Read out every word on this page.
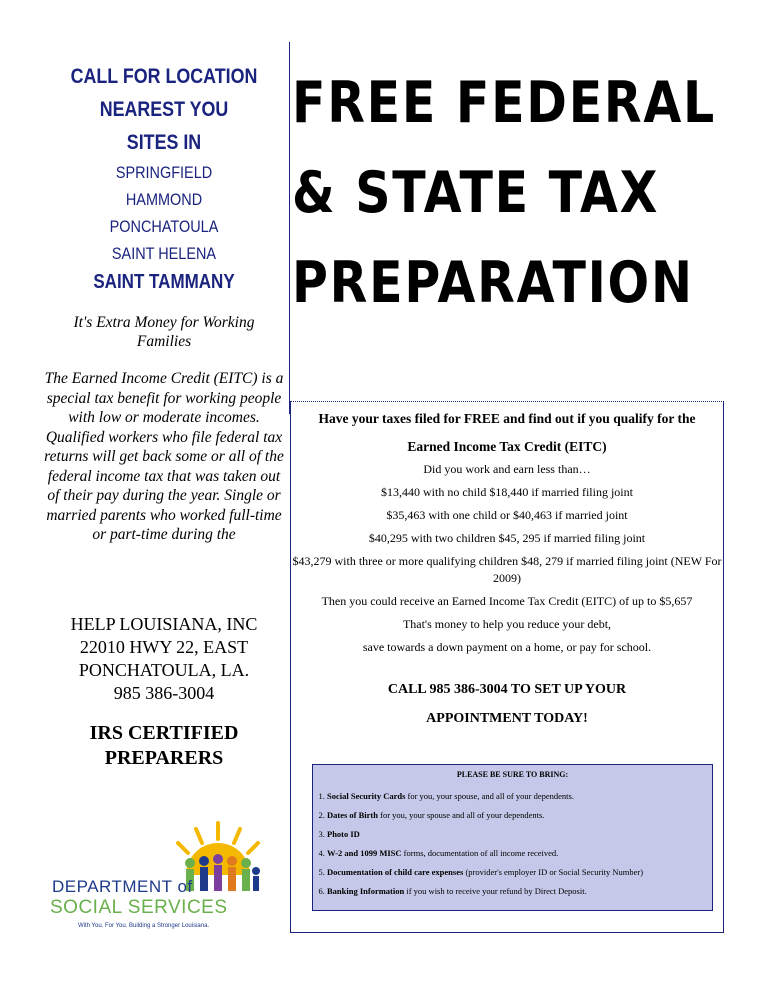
CALL FOR LOCATION
NEAREST YOU
SITES IN
SPRINGFIELD
HAMMOND
PONCHATOULA
SAINT HELENA
SAINT TAMMANY
It's Extra Money for Working Families
The Earned Income Credit (EITC) is a special tax benefit for working people with low or moderate incomes. Qualified workers who file federal tax returns will get back some or all of the federal income tax that was taken out of their pay during the year. Single or married parents who worked full-time or part-time during the
HELP LOUISIANA, INC
22010 HWY 22, EAST
PONCHATOULA, LA.
985 386-3004
IRS CERTIFIED
PREPARERS
FREE FEDERAL
& STATE TAX
PREPARATION
Have your taxes filed for FREE and find out if you qualify for the
Earned Income Tax Credit (EITC)
Did you work and earn less than…
$13,440 with no child $18,440 if married filing joint
$35,463 with one child or $40,463 if married joint
$40,295 with two children $45, 295 if married filing joint
$43,279 with three or more qualifying children $48, 279 if married filing joint (NEW For 2009)
Then you could receive an Earned Income Tax Credit (EITC) of up to $5,657
That's money to help you reduce your debt,
save towards a down payment on a home, or pay for school.
CALL 985 386-3004 TO SET UP YOUR APPOINTMENT TODAY!
PLEASE BE SURE TO BRING:
1. Social Security Cards for you, your spouse, and all of your dependents.
2. Dates of Birth for you, your spouse and all of your dependents.
3. Photo ID
4. W-2 and 1099 MISC forms, documentation of all income received.
5. Documentation of child care expenses (provider's employer ID or Social Security Number)
6. Banking Information if you wish to receive your refund by Direct Deposit.
DEPARTMENT of
SOCIAL SERVICES
With You. For You. Building a Stronger Louisiana.
